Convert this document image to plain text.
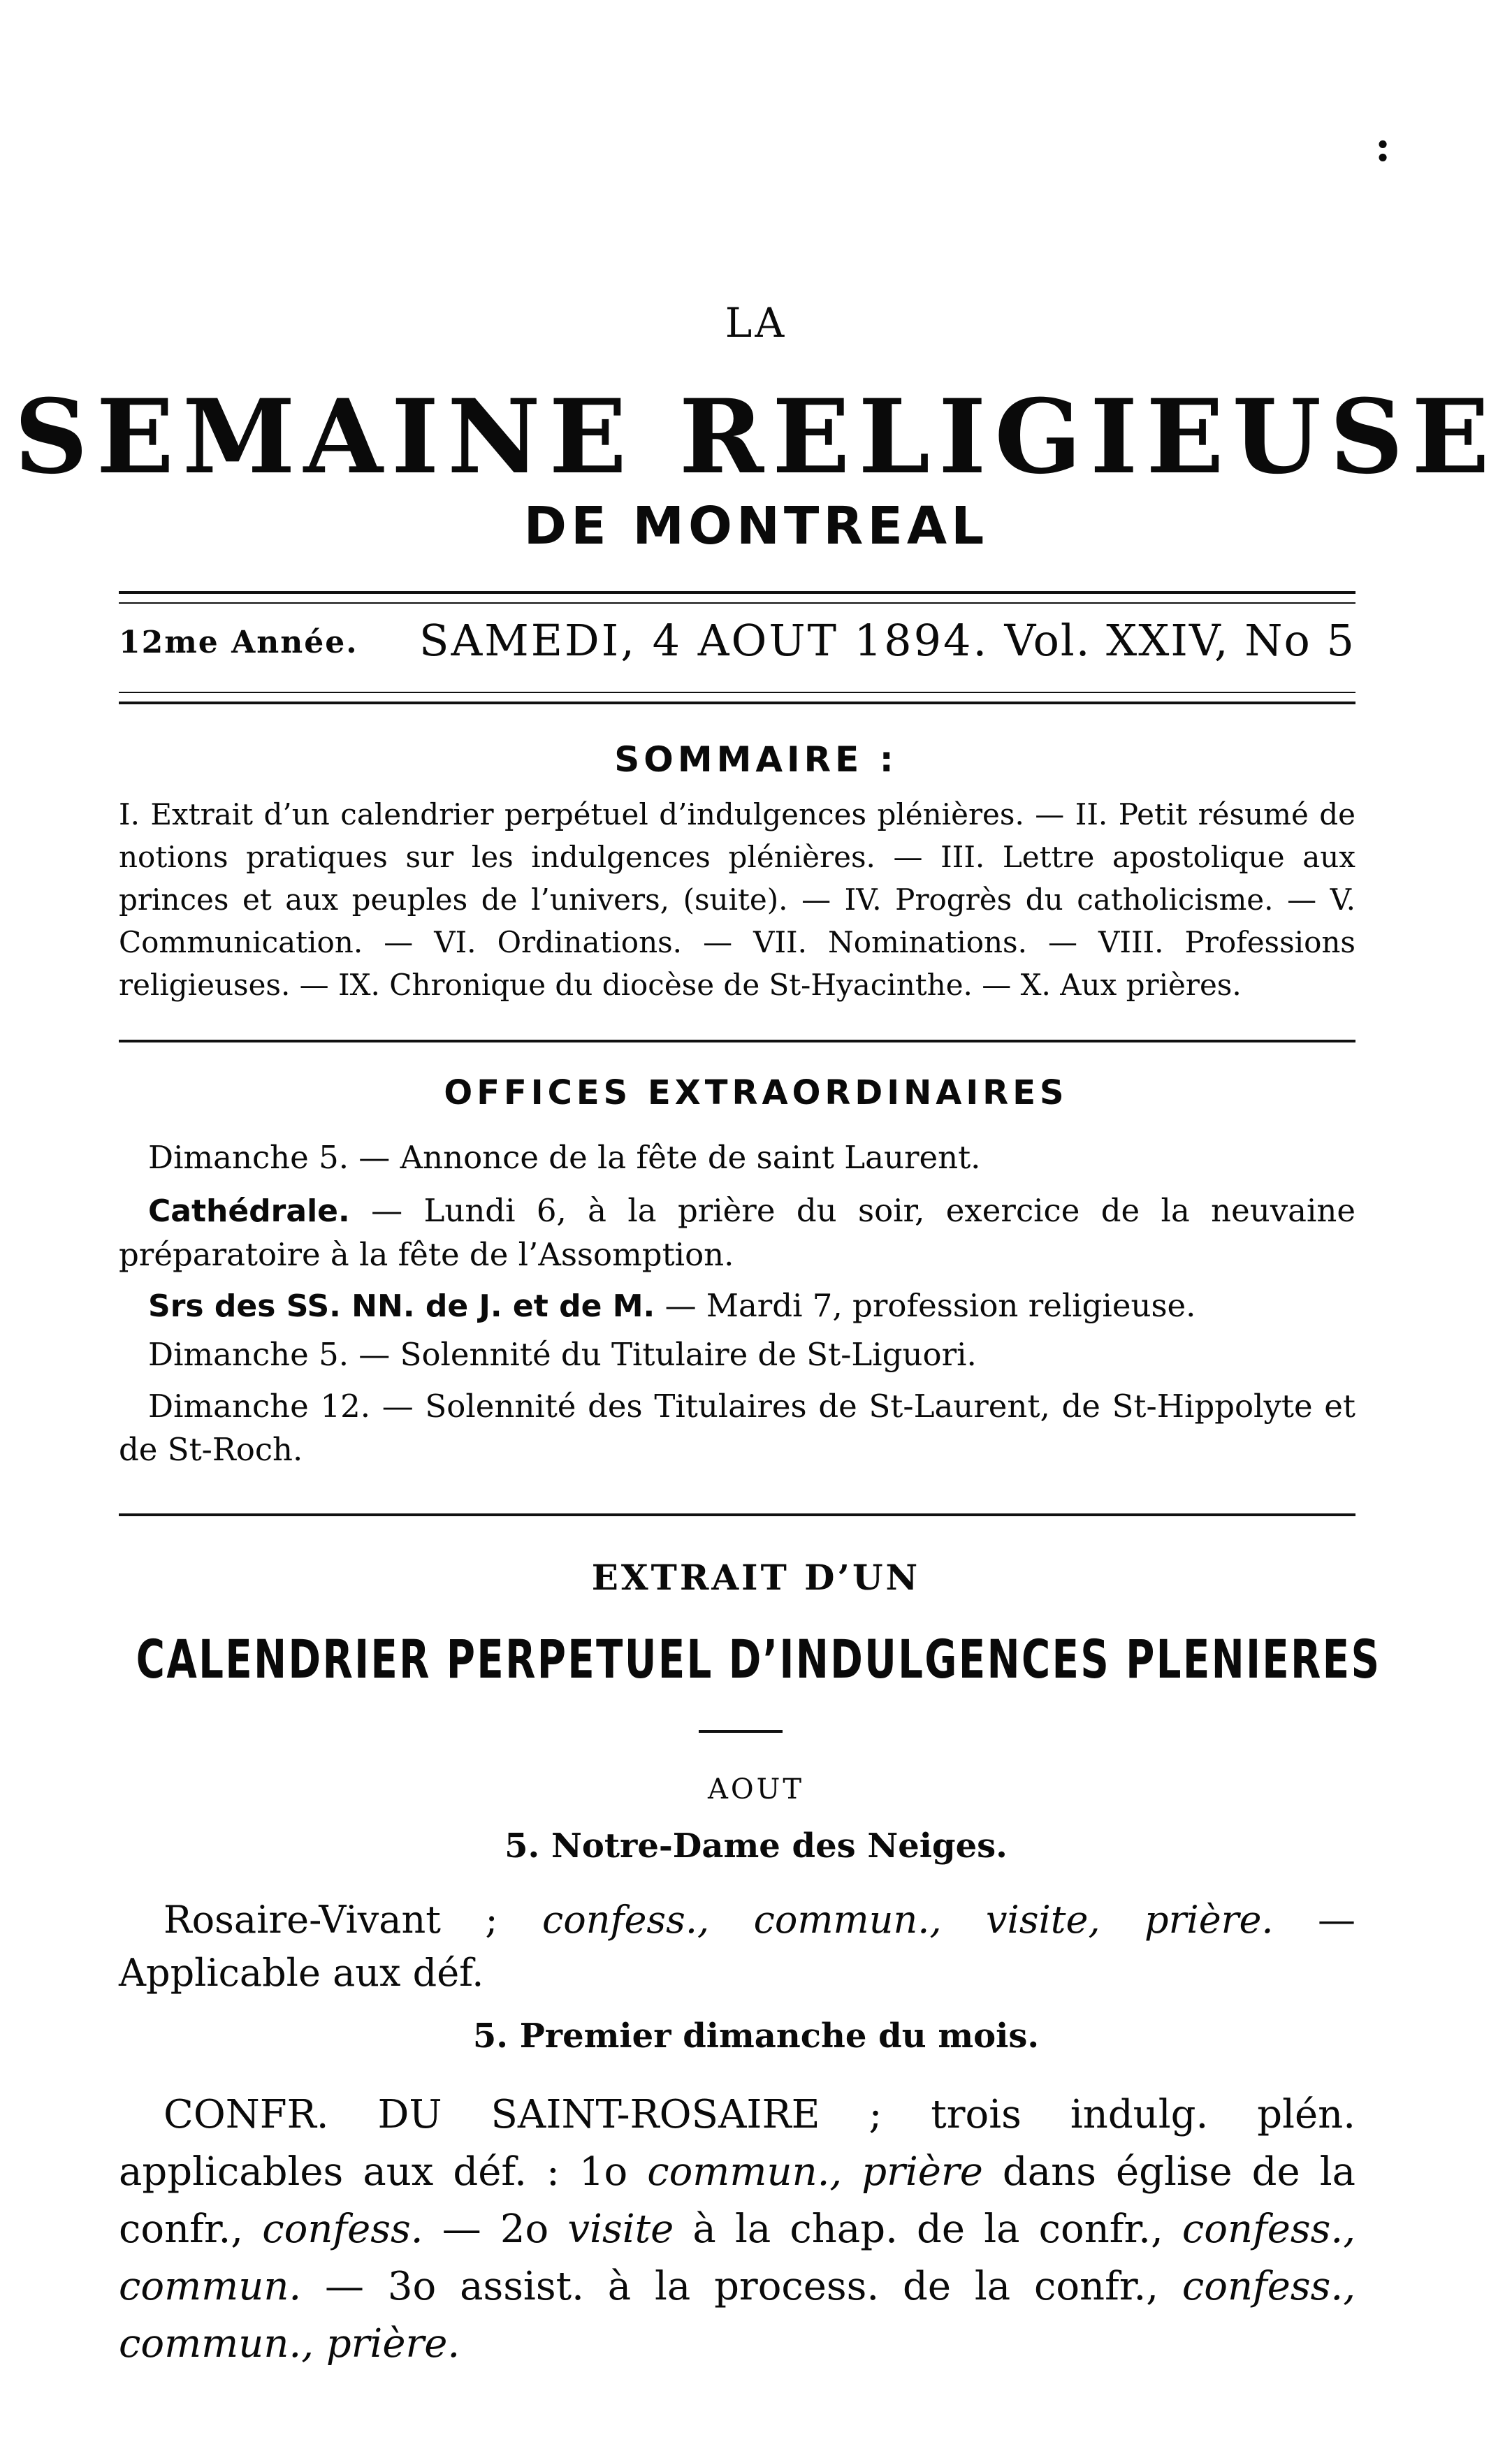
:
LA
SEMAINE RELIGIEUSE
DE MONTREAL
12me Année. SAMEDI, 4 AOUT 1894. Vol. XXIV, No 5
SOMMAIRE :
I. Extrait d’un calendrier perpétuel d’indulgences plénières. — II. Petit résumé de notions pratiques sur les indulgences plénières. — III. Lettre apostolique aux princes et aux peuples de l’univers, (suite). — IV. Progrès du catholicisme. — V. Communication. — VI. Ordinations. — VII. Nominations. — VIII. Professions religieuses. — IX. Chronique du diocèse de St-Hyacinthe. — X. Aux prières.
OFFICES EXTRAORDINAIRES
Dimanche 5. — Annonce de la fête de saint Laurent.
Cathédrale. — Lundi 6, à la prière du soir, exercice de la neuvaine préparatoire à la fête de l’Assomption.
Srs des SS. NN. de J. et de M. — Mardi 7, profession religieuse.
Dimanche 5. — Solennité du Titulaire de St-Liguori.
Dimanche 12. — Solennité des Titulaires de St-Laurent, de St-Hippolyte et de St-Roch.
EXTRAIT D’UN
CALENDRIER PERPETUEL D’INDULGENCES PLENIERES
AOUT
5. Notre-Dame des Neiges.
Rosaire-Vivant ; confess., commun., visite, prière. — Applicable aux déf.
5. Premier dimanche du mois.
CONFR. DU SAINT-ROSAIRE ; trois indulg. plén. applicables aux déf. : 1o commun., prière dans église de la confr., confess. — 2o visite à la chap. de la confr., confess., commun. — 3o assist. à la process. de la confr., confess., commun., prière.
